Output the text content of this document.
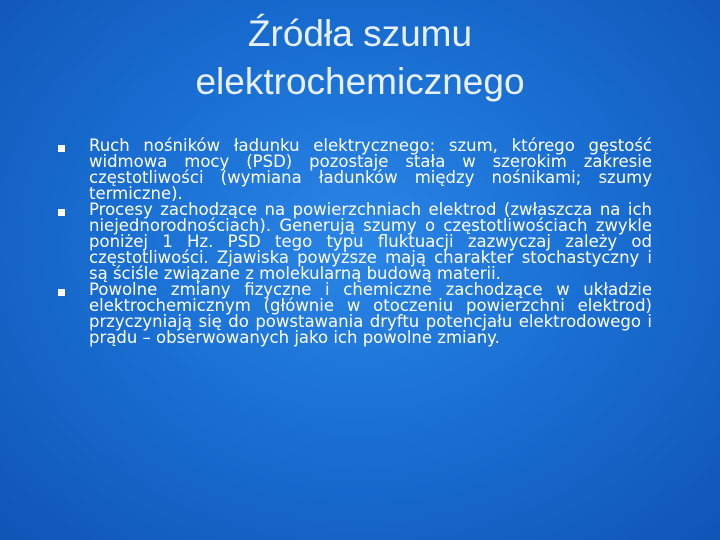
Źródła szumu
elektrochemicznego
Ruch nośników ładunku elektrycznego: szum, którego gęstość widmowa mocy (PSD) pozostaje stała w szerokim zakresie częstotliwości (wymiana ładunków między nośnikami; szumy termiczne).
Procesy zachodzące na powierzchniach elektrod (zwłaszcza na ich niejednorodnościach). Generują szumy o częstotliwościach zwykle poniżej 1 Hz. PSD tego typu fluktuacji zazwyczaj zależy od częstotliwości. Zjawiska powyższe mają charakter stochastyczny i są ściśle związane z molekularną budową materii.
Powolne zmiany fizyczne i chemiczne zachodzące w układzie elektrochemicznym (głównie w otoczeniu powierzchni elektrod) przyczyniają się do powstawania dryftu potencjału elektrodowego i prądu – obserwowanych jako ich powolne zmiany.
